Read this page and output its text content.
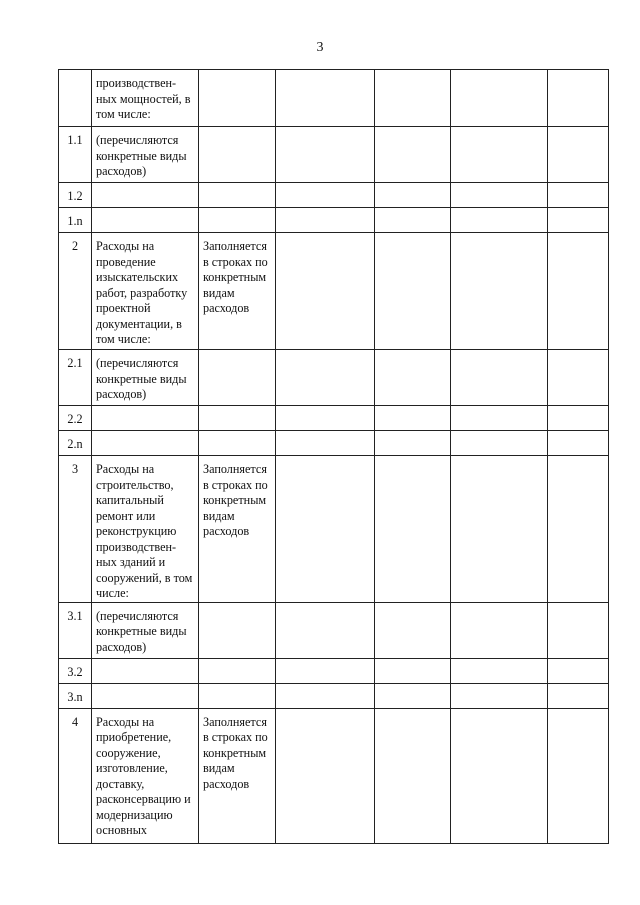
3
	производствен-ных мощностей, в том числе:					
1.1	(перечисляются конкретные виды расходов)					
1.2						
1.n						
2	Расходы на проведение изыскательских работ, разработку проектной документации, в том числе:	Заполняется в строках по конкретным видам расходов				
2.1	(перечисляются конкретные виды расходов)					
2.2						
2.n						
3	Расходы на строительство, капитальный ремонт или реконструкцию производствен-ных зданий и сооружений, в том числе:	Заполняется в строках по конкретным видам расходов				
3.1	(перечисляются конкретные виды расходов)					
3.2						
3.n						
4	Расходы на приобретение, сооружение, изготовление, доставку, расконсервацию и модернизацию основных	Заполняется в строках по конкретным видам расходов				
